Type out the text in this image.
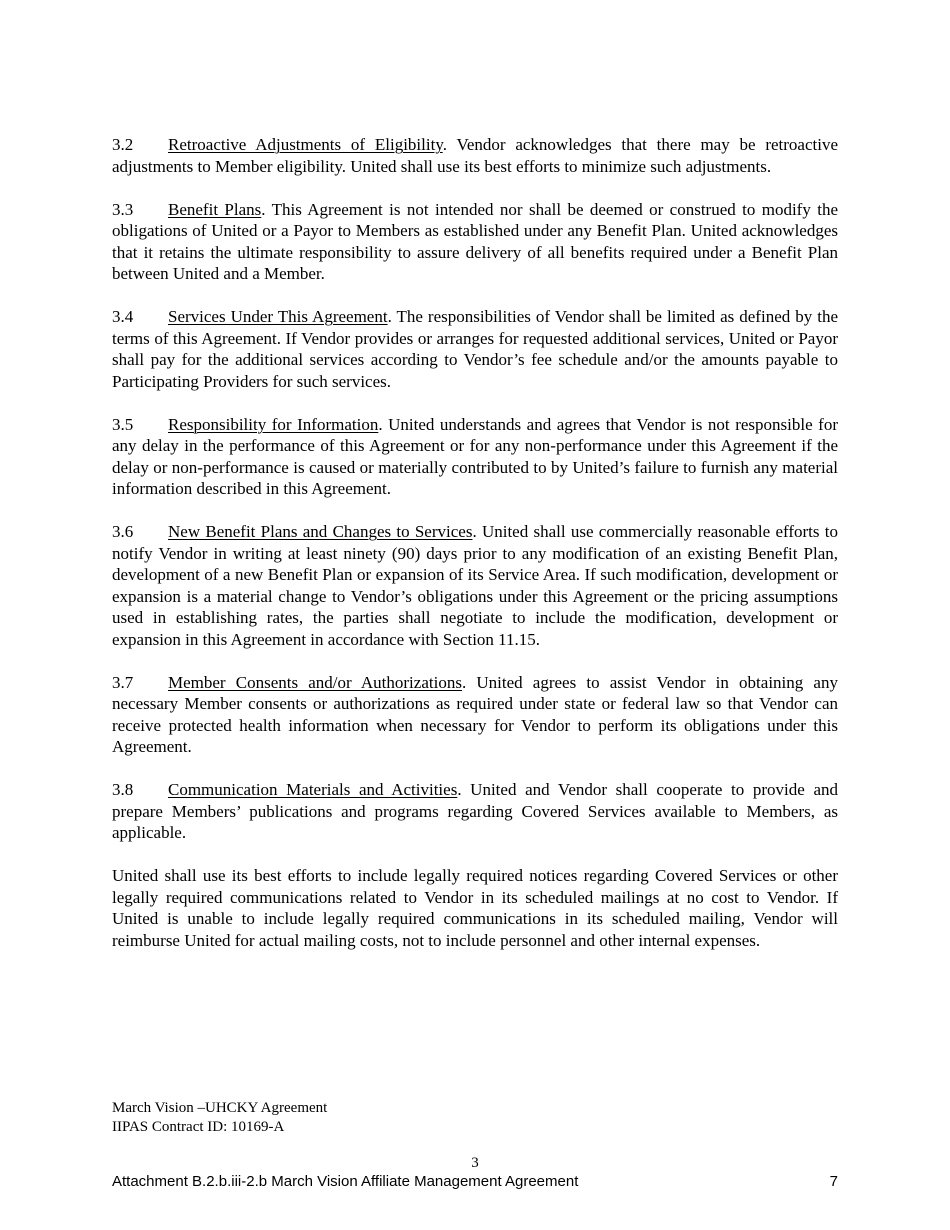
3.2 Retroactive Adjustments of Eligibility. Vendor acknowledges that there may be retroactive adjustments to Member eligibility. United shall use its best efforts to minimize such adjustments.

3.3 Benefit Plans. This Agreement is not intended nor shall be deemed or construed to modify the obligations of United or a Payor to Members as established under any Benefit Plan. United acknowledges that it retains the ultimate responsibility to assure delivery of all benefits required under a Benefit Plan between United and a Member.

3.4 Services Under This Agreement. The responsibilities of Vendor shall be limited as defined by the terms of this Agreement. If Vendor provides or arranges for requested additional services, United or Payor shall pay for the additional services according to Vendor’s fee schedule and/or the amounts payable to Participating Providers for such services.

3.5 Responsibility for Information. United understands and agrees that Vendor is not responsible for any delay in the performance of this Agreement or for any non-performance under this Agreement if the delay or non-performance is caused or materially contributed to by United’s failure to furnish any material information described in this Agreement.

3.6 New Benefit Plans and Changes to Services. United shall use commercially reasonable efforts to notify Vendor in writing at least ninety (90) days prior to any modification of an existing Benefit Plan, development of a new Benefit Plan or expansion of its Service Area. If such modification, development or expansion is a material change to Vendor’s obligations under this Agreement or the pricing assumptions used in establishing rates, the parties shall negotiate to include the modification, development or expansion in this Agreement in accordance with Section 11.15.

3.7 Member Consents and/or Authorizations. United agrees to assist Vendor in obtaining any necessary Member consents or authorizations as required under state or federal law so that Vendor can receive protected health information when necessary for Vendor to perform its obligations under this Agreement.

3.8 Communication Materials and Activities. United and Vendor shall cooperate to provide and prepare Members’ publications and programs regarding Covered Services available to Members, as applicable.

United shall use its best efforts to include legally required notices regarding Covered Services or other legally required communications related to Vendor in its scheduled mailings at no cost to Vendor. If United is unable to include legally required communications in its scheduled mailing, Vendor will reimburse United for actual mailing costs, not to include personnel and other internal expenses.

March Vision –UHCKY Agreement
IIPAS Contract ID: 10169-A
3
Attachment B.2.b.iii-2.b March Vision Affiliate Management Agreement	7
